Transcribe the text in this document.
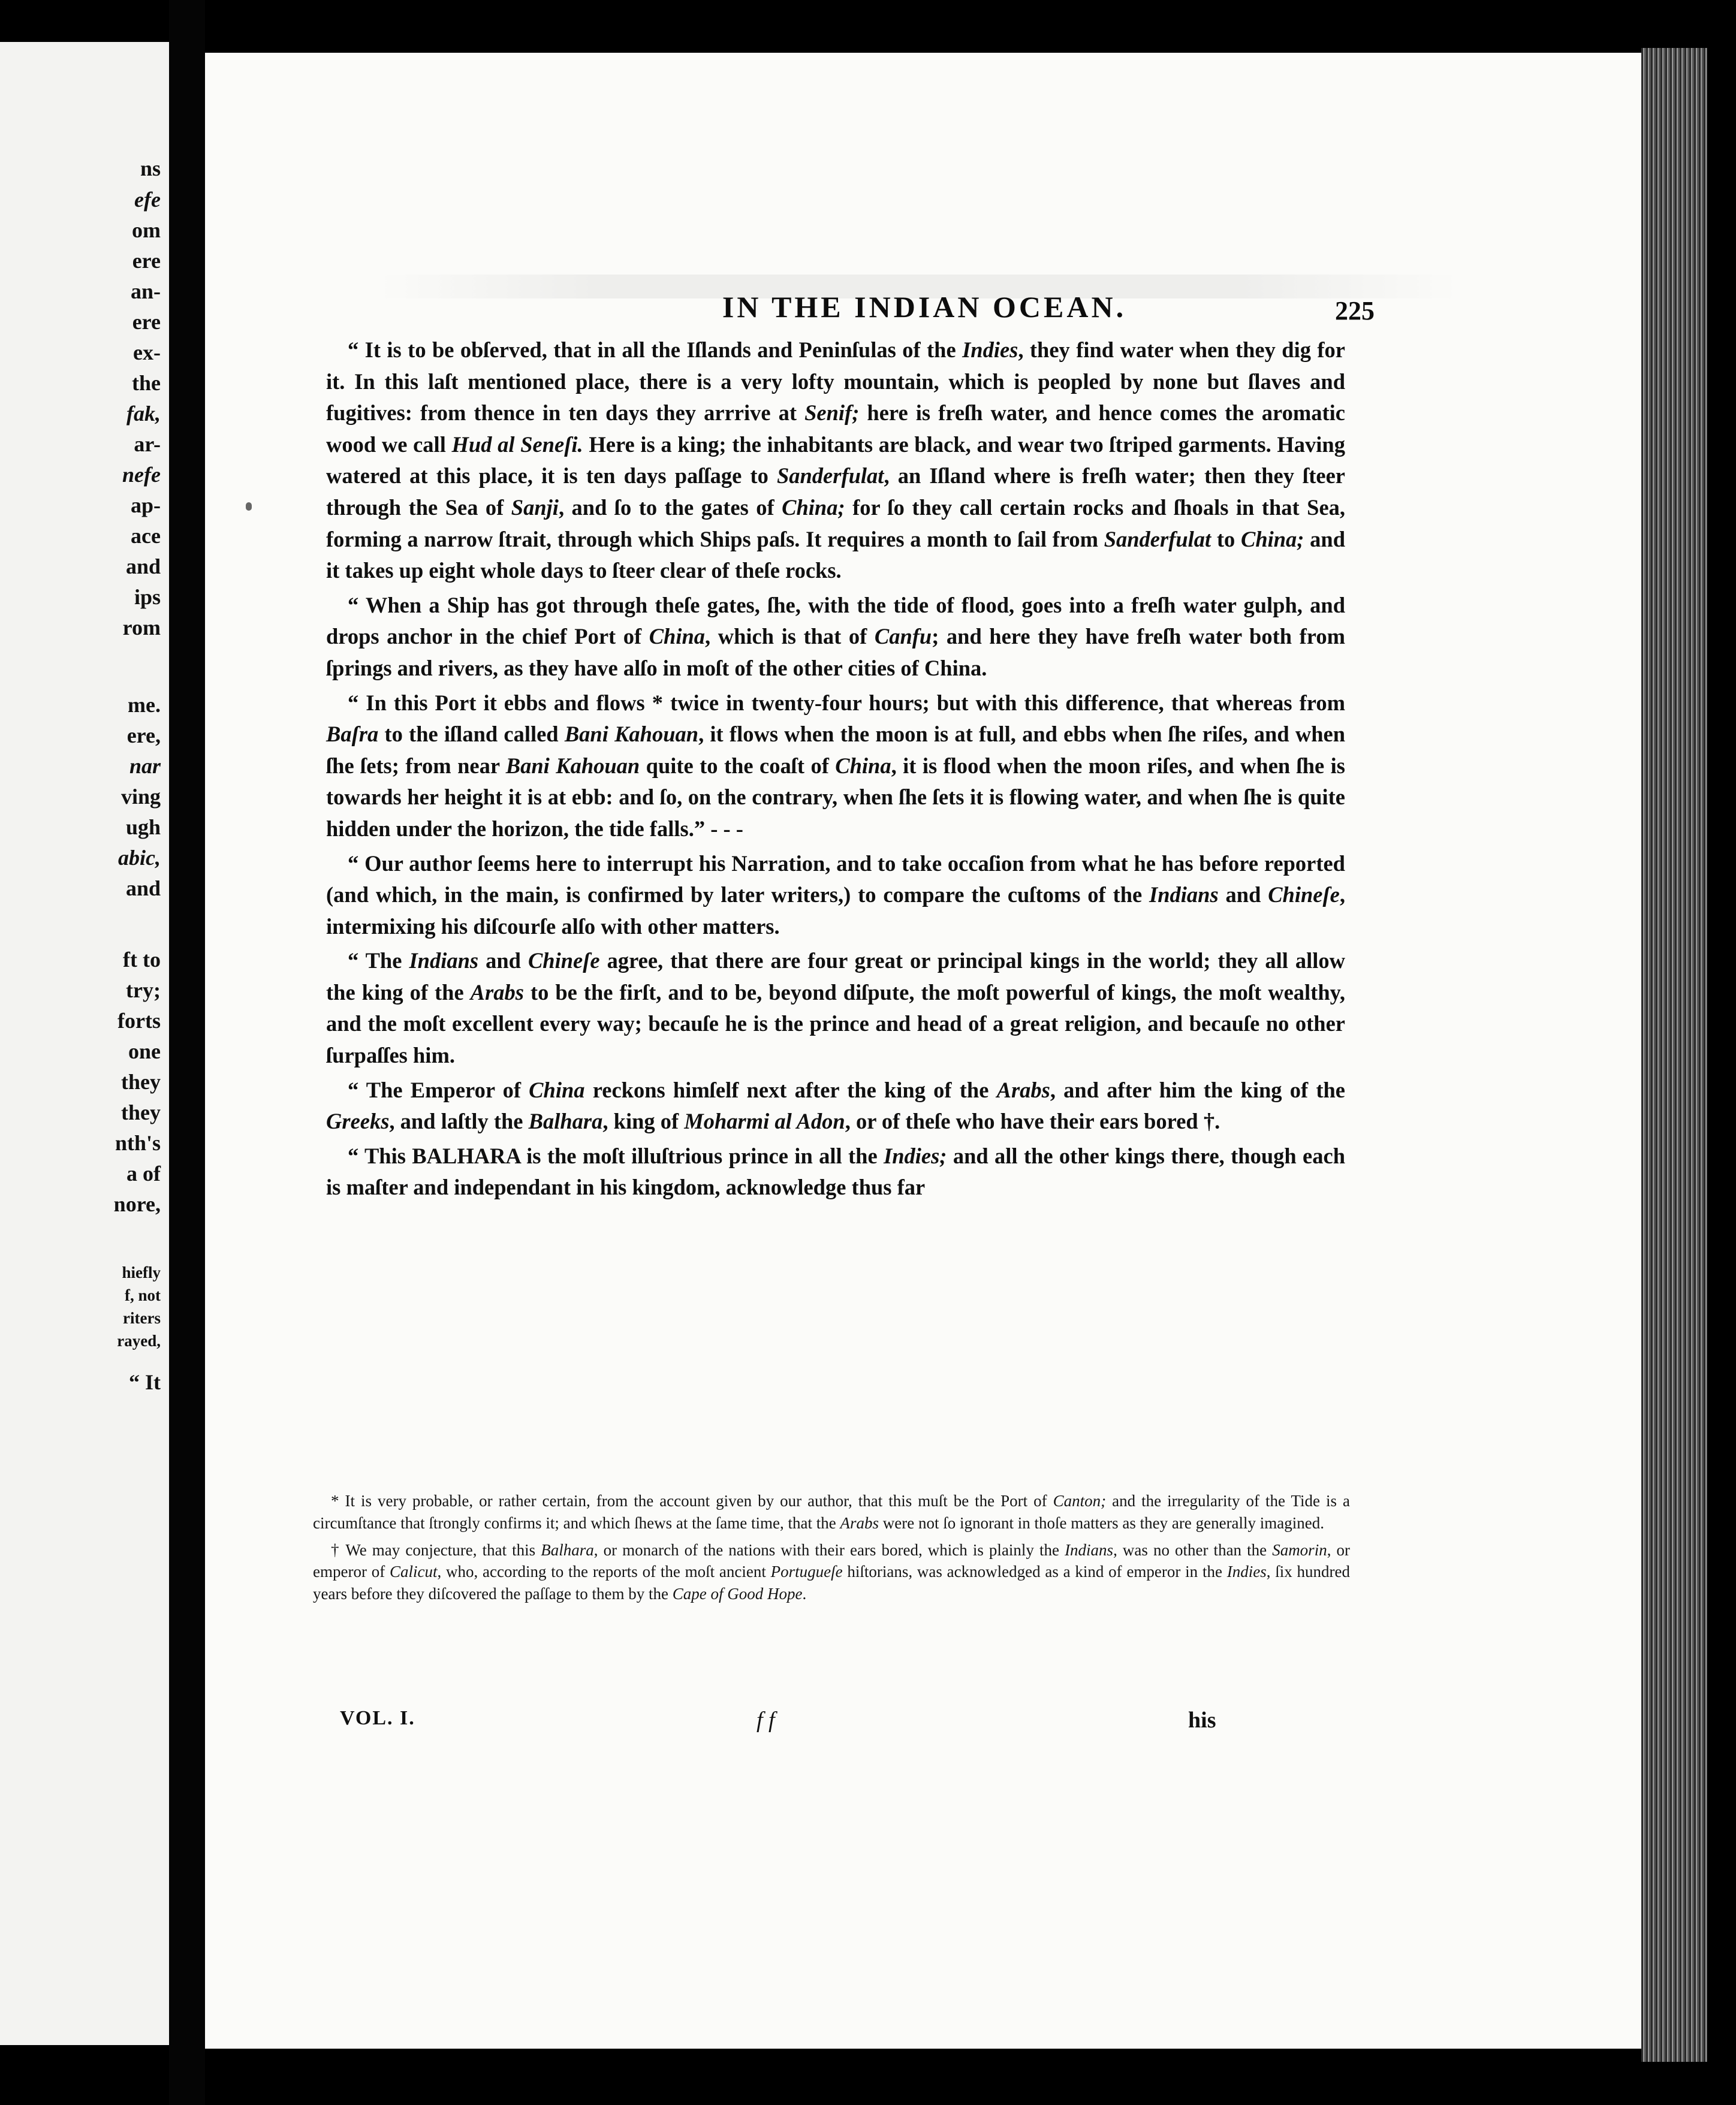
ns
efe
om
ere
an-
ere
ex-
the
fak,
ar-
nefe
ap-
ace
and
ips
rom
me.
ere,
nar
ving
ugh
abic,
and
ft to
try;
forts
one
they
they
nth's
a of
nore,
hiefly
f, not
riters
rayed,
“ It
IN THE INDIAN OCEAN.	225

“ It is to be obſerved, that in all the Iſlands and Peninſulas of the Indies, they find water when they dig for it. In this laſt mentioned place, there is a very lofty mountain, which is peopled by none but ſlaves and fugitives: from thence in ten days they arrrive at Senif; here is freſh water, and hence comes the aromatic wood we call Hud al Seneſi. Here is a king; the inhabitants are black, and wear two ſtriped garments. Having watered at this place, it is ten days paſſage to Sanderfulat, an Iſland where is freſh water; then they ſteer through the Sea of Sanji, and ſo to the gates of China; for ſo they call certain rocks and ſhoals in that Sea, forming a narrow ſtrait, through which Ships paſs. It requires a month to ſail from Sanderfulat to China; and it takes up eight whole days to ſteer clear of theſe rocks.

“ When a Ship has got through theſe gates, ſhe, with the tide of flood, goes into a freſh water gulph, and drops anchor in the chief Port of China, which is that of Canfu; and here they have freſh water both from ſprings and rivers, as they have alſo in moſt of the other cities of China.

“ In this Port it ebbs and flows * twice in twenty-four hours; but with this difference, that whereas from Baſra to the iſland called Bani Kahouan, it flows when the moon is at full, and ebbs when ſhe riſes, and when ſhe ſets; from near Bani Kahouan quite to the coaſt of China, it is flood when the moon riſes, and when ſhe is towards her height it is at ebb: and ſo, on the contrary, when ſhe ſets it is flowing water, and when ſhe is quite hidden under the horizon, the tide falls.” - - -

“ Our author ſeems here to interrupt his Narration, and to take occaſion from what he has before reported (and which, in the main, is confirmed by later writers,) to compare the cuſtoms of the Indians and Chineſe, intermixing his diſcourſe alſo with other matters.

“ The Indians and Chineſe agree, that there are four great or principal kings in the world; they all allow the king of the Arabs to be the firſt, and to be, beyond diſpute, the moſt powerful of kings, the moſt wealthy, and the moſt excellent every way; becauſe he is the prince and head of a great religion, and becauſe no other ſurpaſſes him.

“ The Emperor of China reckons himſelf next after the king of the Arabs, and after him the king of the Greeks, and laſtly the Balhara, king of Moharmi al Adon, or of theſe who have their ears bored †.

“ This BALHARA is the moſt illuſtrious prince in all the Indies; and all the other kings there, though each is maſter and independant in his kingdom, acknowledge thus far

* It is very probable, or rather certain, from the account given by our author, that this muſt be the Port of Canton; and the irregularity of the Tide is a circumſtance that ſtrongly confirms it; and which ſhews at the ſame time, that the Arabs were not ſo ignorant in thoſe matters as they are generally imagined.

† We may conjecture, that this Balhara, or monarch of the nations with their ears bored, which is plainly the Indians, was no other than the Samorin, or emperor of Calicut, who, according to the reports of the moſt ancient Portugueſe hiſtorians, was acknowledged as a kind of emperor in the Indies, ſix hundred years before they diſcovered the paſſage to them by the Cape of Good Hope.

VOL. I.	f f	his
